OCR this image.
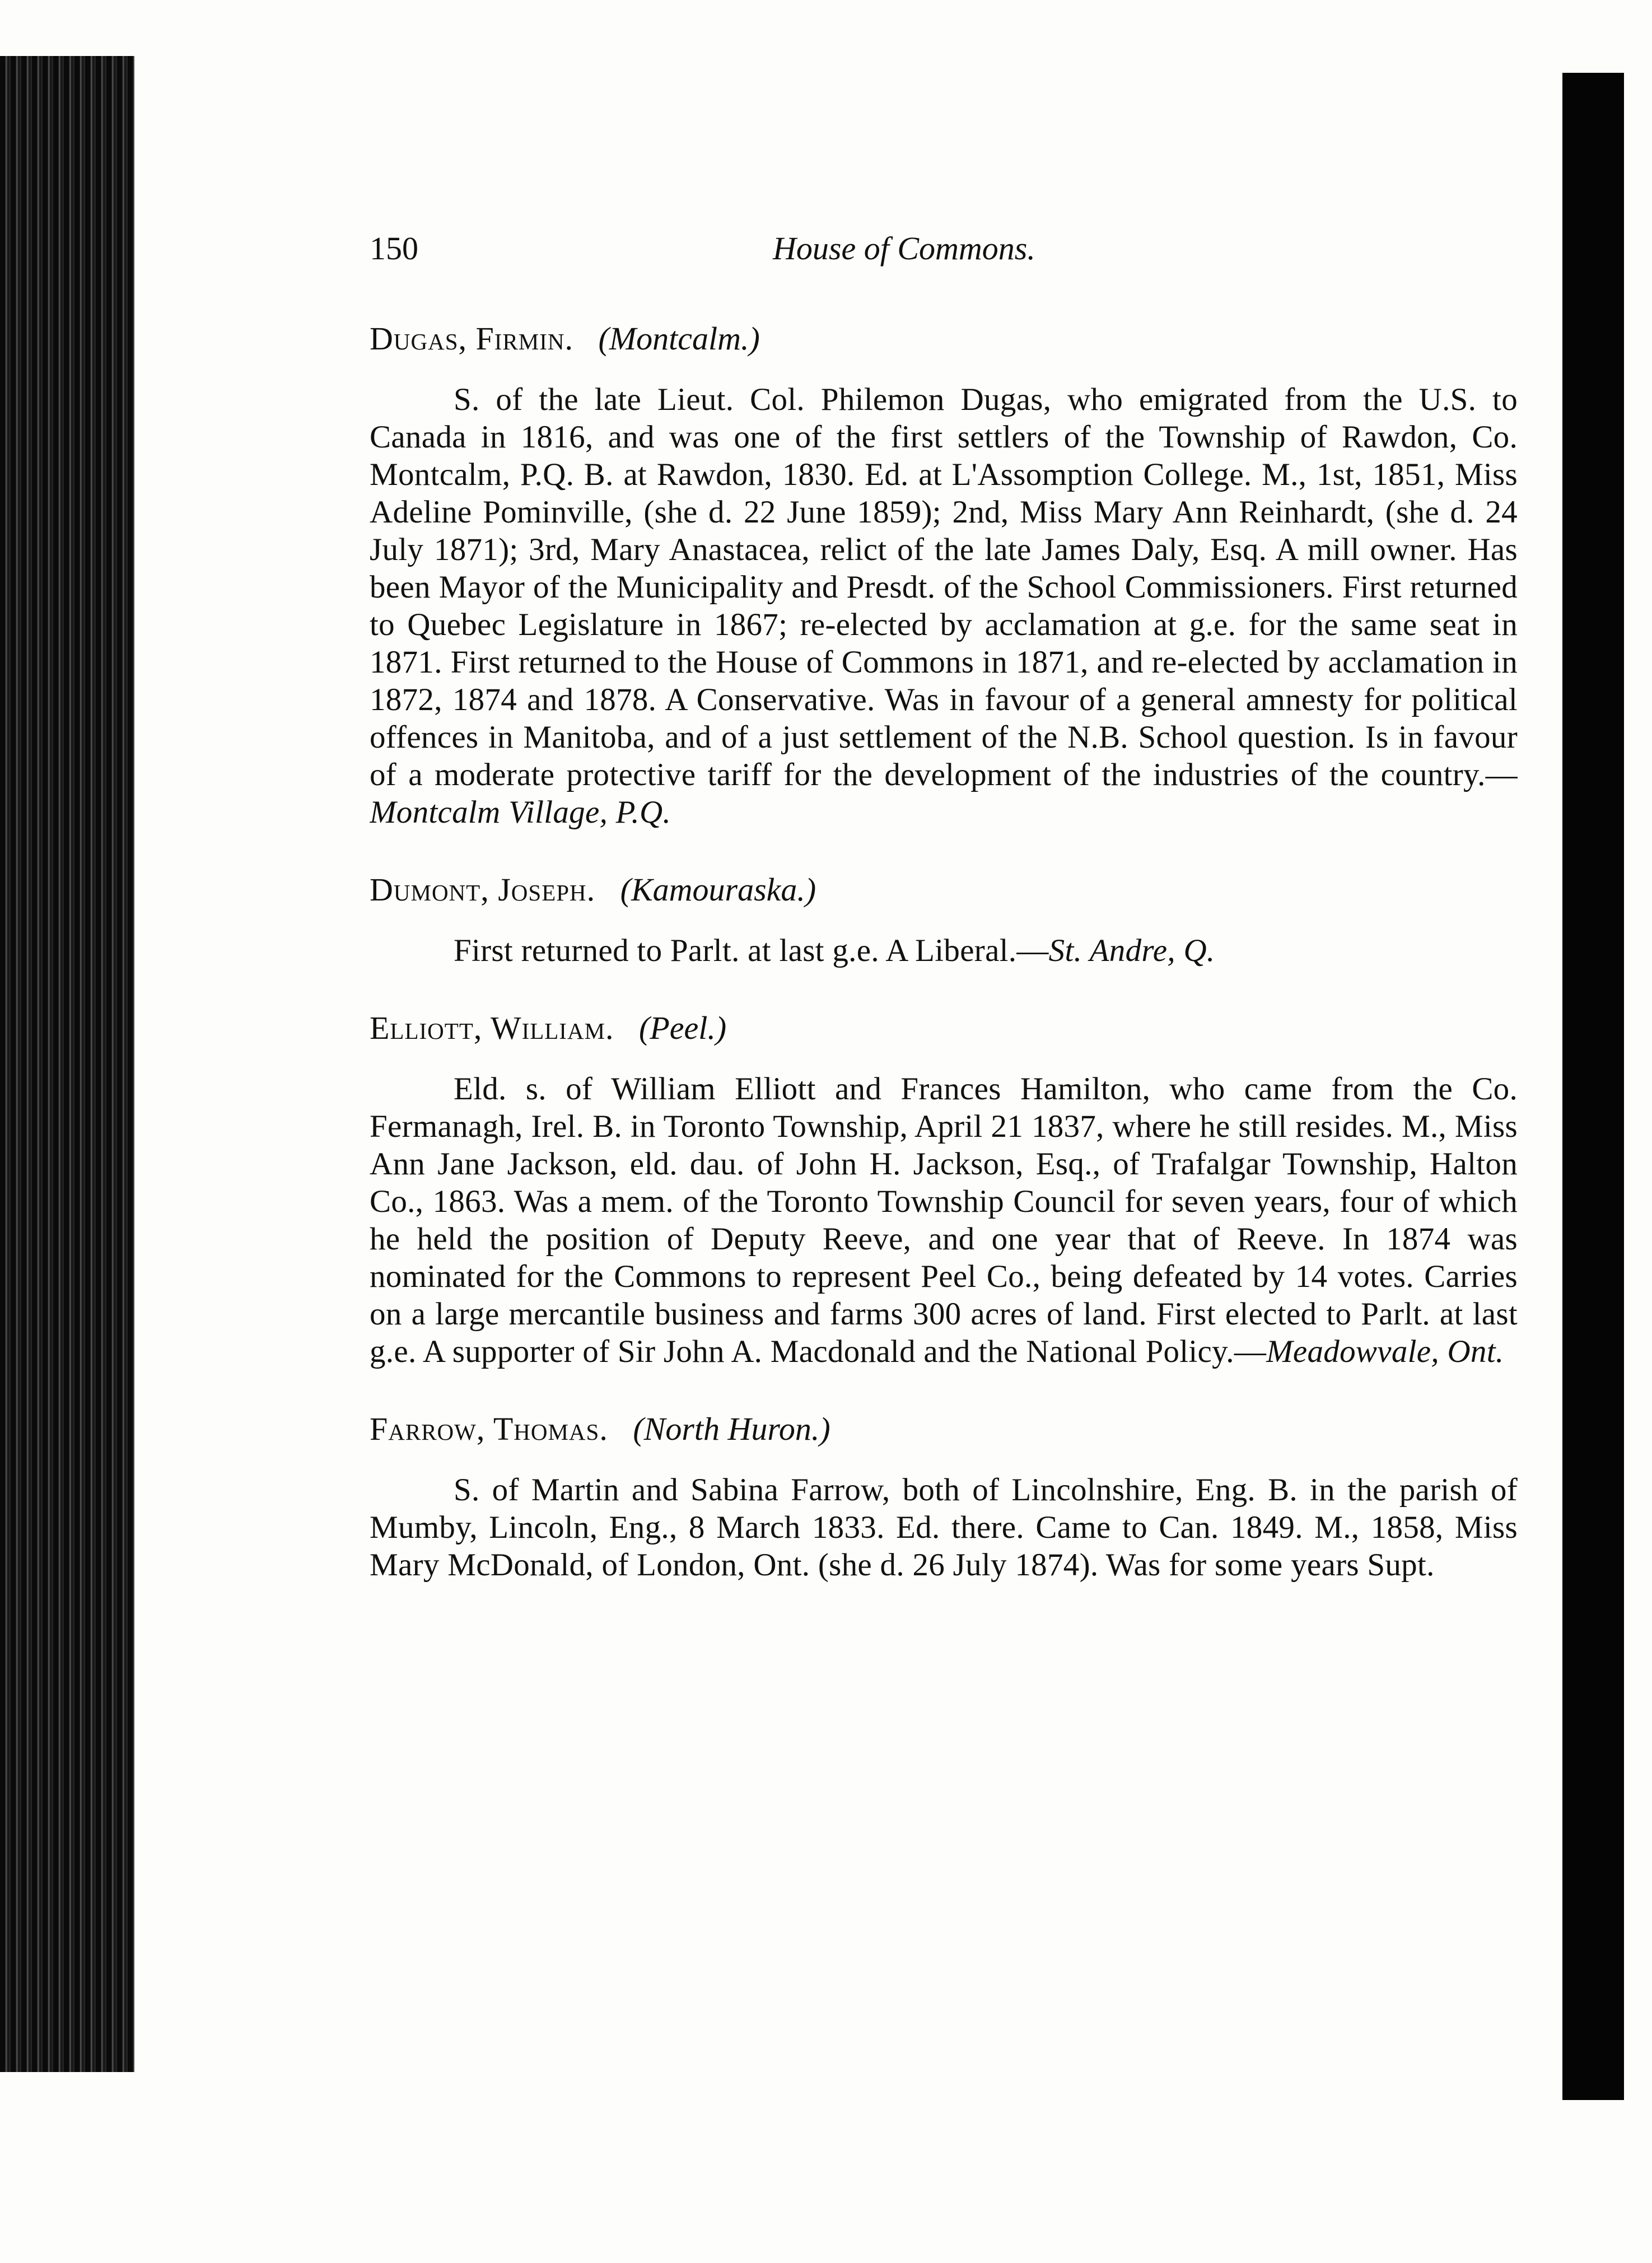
150	House of Commons.
Dugas, Firmin. (Montcalm.)

S. of the late Lieut. Col. Philemon Dugas, who emigrated from the U.S. to Canada in 1816, and was one of the first settlers of the Township of Rawdon, Co. Montcalm, P.Q. B. at Rawdon, 1830. Ed. at L'Assomption College. M., 1st, 1851, Miss Adeline Pominville, (she d. 22 June 1859); 2nd, Miss Mary Ann Reinhardt, (she d. 24 July 1871); 3rd, Mary Anastacea, relict of the late James Daly, Esq. A mill owner. Has been Mayor of the Municipality and Presdt. of the School Commissioners. First returned to Quebec Legislature in 1867; re-elected by acclamation at g.e. for the same seat in 1871. First returned to the House of Commons in 1871, and re-elected by acclamation in 1872, 1874 and 1878. A Conservative. Was in favour of a general amnesty for political offences in Manitoba, and of a just settlement of the N.B. School question. Is in favour of a moderate protective tariff for the development of the industries of the country.—Montcalm Village, P.Q.

Dumont, Joseph. (Kamouraska.)

First returned to Parlt. at last g.e. A Liberal.—St. Andre, Q.

Elliott, William. (Peel.)

Eld. s. of William Elliott and Frances Hamilton, who came from the Co. Fermanagh, Irel. B. in Toronto Township, April 21 1837, where he still resides. M., Miss Ann Jane Jackson, eld. dau. of John H. Jackson, Esq., of Trafalgar Township, Halton Co., 1863. Was a mem. of the Toronto Township Council for seven years, four of which he held the position of Deputy Reeve, and one year that of Reeve. In 1874 was nominated for the Commons to represent Peel Co., being defeated by 14 votes. Carries on a large mercantile business and farms 300 acres of land. First elected to Parlt. at last g.e. A supporter of Sir John A. Macdonald and the National Policy.—Meadowvale, Ont.

Farrow, Thomas. (North Huron.)

S. of Martin and Sabina Farrow, both of Lincolnshire, Eng. B. in the parish of Mumby, Lincoln, Eng., 8 March 1833. Ed. there. Came to Can. 1849. M., 1858, Miss Mary McDonald, of London, Ont. (she d. 26 July 1874). Was for some years Supt.
